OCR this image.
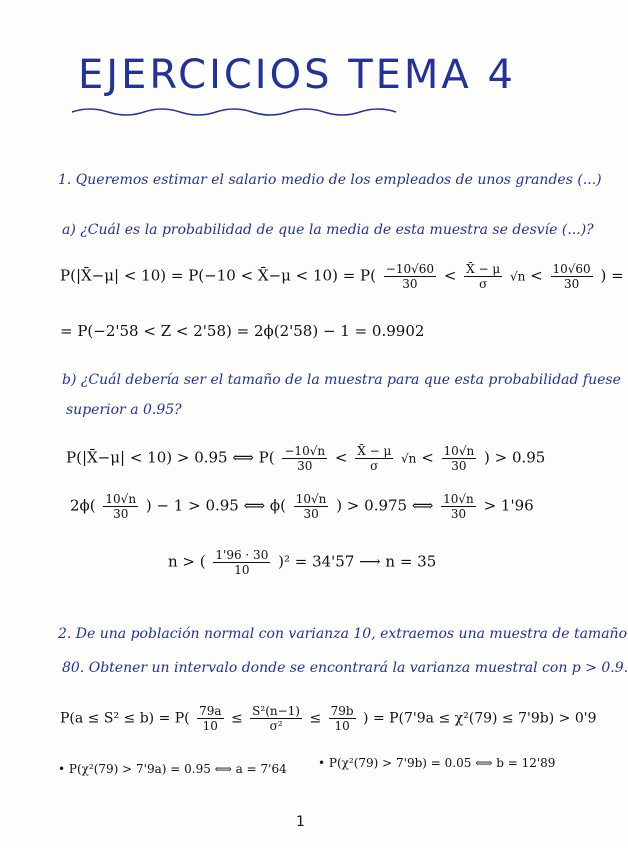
EJERCICIOS TEMA 4
1. Queremos estimar el salario medio de los empleados de unos grandes (...)
a) ¿Cuál es la probabilidad de que la media de esta muestra se desvíe (...)?
P(|X̄−μ| < 10) = P(−10 < X̄−μ < $10) = P( \frac{-10√60}{30} < \frac{X̄ - \mu}{\sigma} √n < \frac{10√60}{30}$ ) =
= P(−2'58 < Z < 2'58) = 2ϕ(2'58) − 1 = 0.9902
b) ¿Cuál debería ser el tamaño de la muestra para que esta probabilidad fuese
superior a 0.95?
P(|X̄−μ| < 10) > 0.95 ⟺ $P( \frac{-10√n}{30} < \frac{X̄ - \mu}{\sigma} √n < \frac{10√n}{30}$ ) > 0.95
$2\phi( \frac{10√n}{30}$ ) − 1 > 0.95 ⟺ $\phi( \frac{10√n}{30}$ ) > 0.975 ⟺ $\frac{10√n}{30} > 1'96$
n > ( $\frac{1'96 \cdot 30}{10} )^2 = 34'57$ ⟶ n = 35
2. De una población normal con varianza 10, extraemos una muestra de tamaño
80. Obtener un intervalo donde se encontrará la varianza muestral con p > 0.9.
$P(a \le S^2 \le b) = P( \frac{79a}{10} \le \frac{\text{S²(n−1)}}{\text{σ²}} \le \frac{79b}{10}$ ) = P(7'9a ≤ χ²(79) ≤ 7'9b) > 0'9
• P(χ²(79) > 7'9a) = 0.95 ⟺ a = 7'64	• P(χ²(79) > 7'9b) = 0.05 ⟺ b = 12'89
1
